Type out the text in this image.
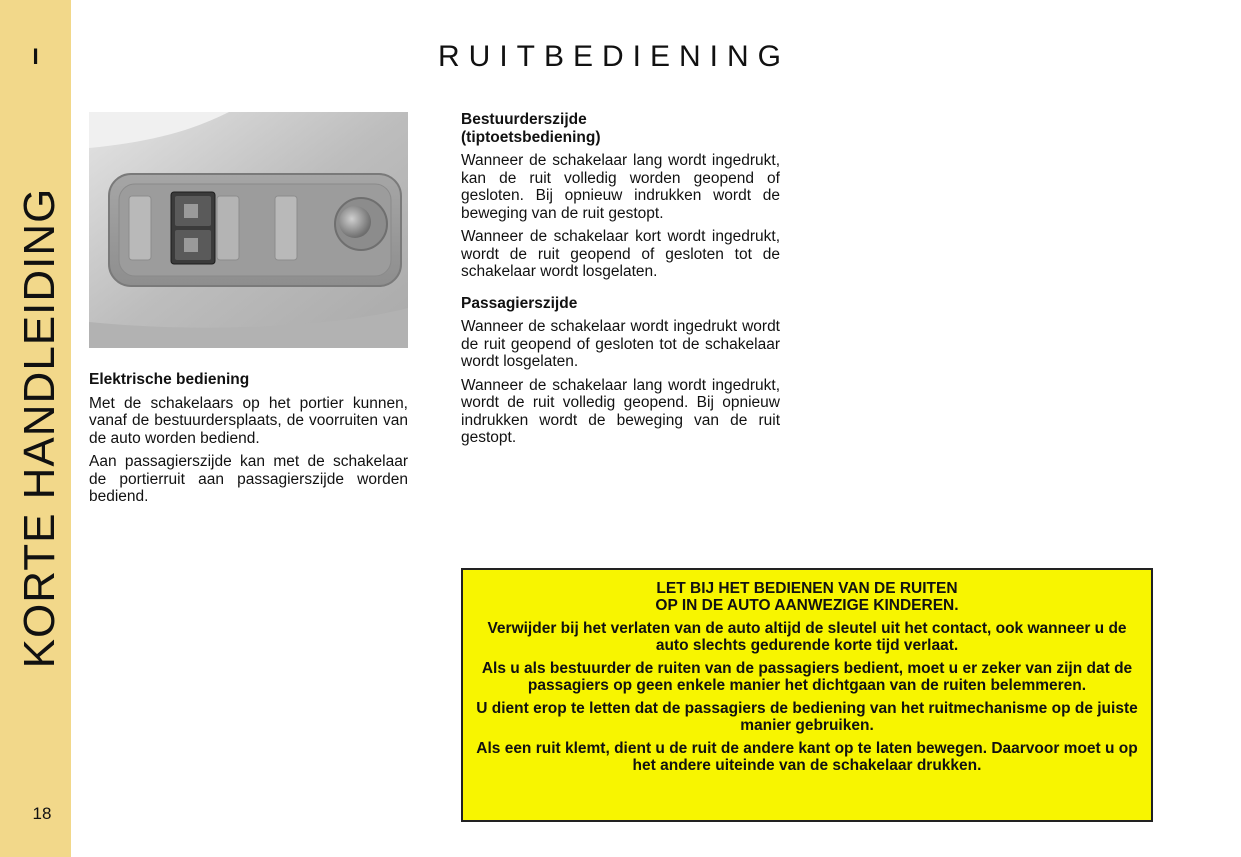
I
KORTE HANDLEIDING
18
RUITBEDIENING
Elektrische bediening

Met de schakelaars op het portier kunnen, vanaf de bestuurdersplaats, de voorruiten van de auto worden bediend.

Aan passagierszijde kan met de schakelaar de portierruit aan passagierszijde worden bediend.

Bestuurderszijde
(tiptoetsbediening)

Wanneer de schakelaar lang wordt ingedrukt, kan de ruit volledig worden geopend of gesloten. Bij opnieuw indrukken wordt de beweging van de ruit gestopt.

Wanneer de schakelaar kort wordt ingedrukt, wordt de ruit geopend of gesloten tot de schakelaar wordt losgelaten.

Passagierszijde

Wanneer de schakelaar wordt ingedrukt wordt de ruit geopend of gesloten tot de schakelaar wordt losgelaten.

Wanneer de schakelaar lang wordt ingedrukt, wordt de ruit volledig geopend. Bij opnieuw indrukken wordt de beweging van de ruit gestopt.

LET BIJ HET BEDIENEN VAN DE RUITEN
OP IN DE AUTO AANWEZIGE KINDEREN.

Verwijder bij het verlaten van de auto altijd de sleutel uit het contact, ook wanneer u de auto slechts gedurende korte tijd verlaat.

Als u als bestuurder de ruiten van de passagiers bedient, moet u er zeker van zijn dat de passagiers op geen enkele manier het dichtgaan van de ruiten belemmeren.

U dient erop te letten dat de passagiers de bediening van het ruitmechanisme op de juiste manier gebruiken.

Als een ruit klemt, dient u de ruit de andere kant op te laten bewegen. Daarvoor moet u op het andere uiteinde van de schakelaar drukken.
